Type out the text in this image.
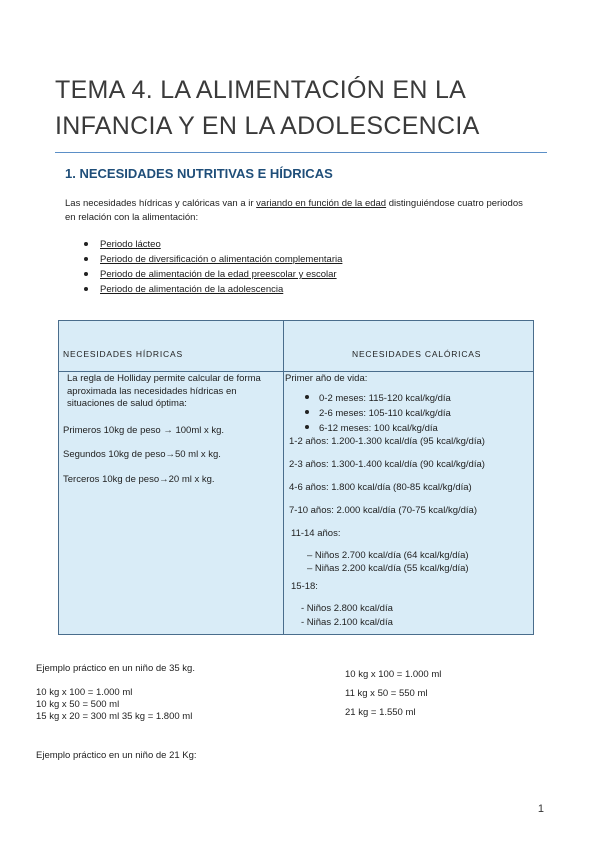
TEMA 4. LA ALIMENTACIÓN EN LA
INFANCIA Y EN LA ADOLESCENCIA
1. NECESIDADES NUTRITIVAS E HÍDRICAS

Las necesidades hídricas y calóricas van a ir variando en función de la edad distinguiéndose cuatro periodos en relación con la alimentación:

Periodo lácteo
Periodo de diversificación o alimentación complementaria
Periodo de alimentación de la edad preescolar y escolar
Periodo de alimentación de la adolescencia
NECESIDADES HÍDRICAS	NECESIDADES CALÓRICAS

La regla de Holliday permite calcular de forma aproximada las necesidades hídricas en situaciones de salud óptima:

Primeros 10kg de peso → 100ml x kg.

Segundos 10kg de peso→50 ml x kg.

Terceros 10kg de peso→20 ml x kg.

Primer año de vida:
0-2 meses: 115-120 kcal/kg/día
2-6 meses: 105-110 kcal/kg/día
6-12 meses: 100 kcal/kg/día
1-2 años: 1.200-1.300 kcal/día (95 kcal/kg/día)
2-3 años: 1.300-1.400 kcal/día (90 kcal/kg/día)
4-6 años: 1.800 kcal/día (80-85 kcal/kg/día)
7-10 años: 2.000 kcal/día (70-75 kcal/kg/día)
11-14 años:
– Niños 2.700 kcal/día (64 kcal/kg/día)
– Niñas 2.200 kcal/día (55 kcal/kg/día)
15-18:
- Niños 2.800 kcal/día
- Niñas 2.100 kcal/día

Ejemplo práctico en un niño de 35 kg.

10 kg x 100 = 1.000 ml

10 kg x 50 = 500 ml

15 kg x 20 = 300 ml 35 kg = 1.800 ml

Ejemplo práctico en un niño de 21 Kg:

10 kg x 100 = 1.000 ml

11 kg x 50 = 550 ml

21 kg = 1.550 ml

1
